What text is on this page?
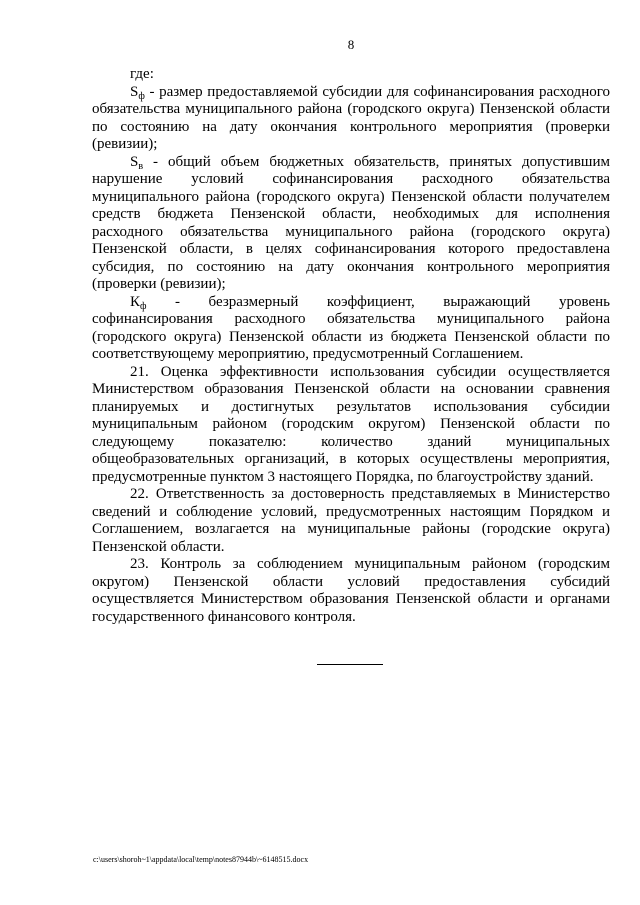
8
где:
$S_ф$ - размер предоставляемой субсидии для софинансирования расходного
обязательства муниципального района (городского округа) Пензенской области
по состоянию на дату окончания контрольного мероприятия (проверки
(ревизии);
$S_в$ - общий объем бюджетных обязательств, принятых допустившим
нарушение условий софинансирования расходного обязательства
муниципального района (городского округа) Пензенской области получателем
средств бюджета Пензенской области, необходимых для исполнения
расходного обязательства муниципального района (городского округа)
Пензенской области, в целях софинансирования которого предоставлена
субсидия, по состоянию на дату окончания контрольного мероприятия
(проверки (ревизии);
$К_ф$ - безразмерный коэффициент, выражающий уровень
софинансирования расходного обязательства муниципального района
(городского округа) Пензенской области из бюджета Пензенской области по
соответствующему мероприятию, предусмотренный Соглашением.
21. Оценка эффективности использования субсидии осуществляется
Министерством образования Пензенской области на основании сравнения
планируемых и достигнутых результатов использования субсидии
муниципальным районом (городским округом) Пензенской области по
следующему показателю: количество зданий муниципальных
общеобразовательных организаций, в которых осуществлены мероприятия,
предусмотренные пунктом 3 настоящего Порядка, по благоустройству зданий.
22. Ответственность за достоверность представляемых в Министерство
сведений и соблюдение условий, предусмотренных настоящим Порядком и
Соглашением, возлагается на муниципальные районы (городские округа)
Пензенской области.
23. Контроль за соблюдением муниципальным районом (городским
округом) Пензенской области условий предоставления субсидий
осуществляется Министерством образования Пензенской области и органами
государственного финансового контроля.
c:\users\shoroh~1\appdata\local\temp\notes87944b\~6148515.docx
